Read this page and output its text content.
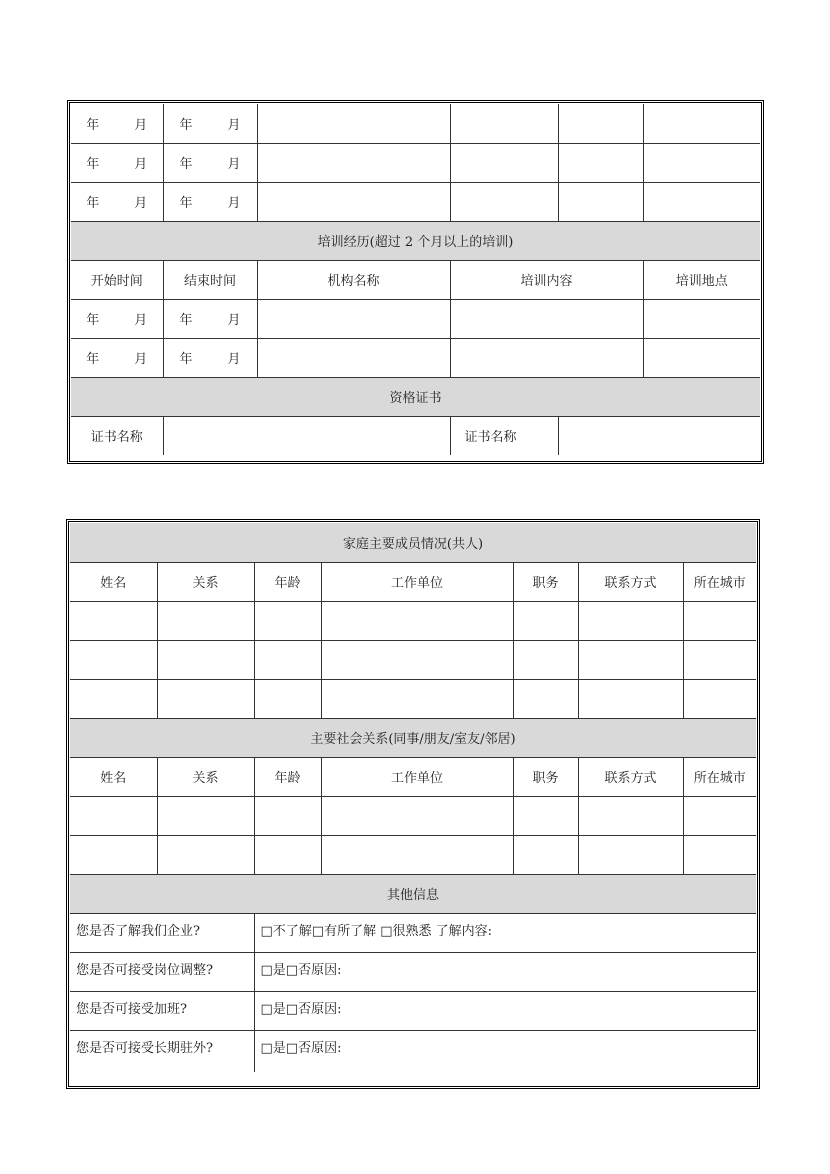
年 月	年 月				
年 月	年 月				
年 月	年 月				
培训经历(超过 2 个月以上的培训)					
开始时间	结束时间	机构名称	培训内容		培训地点
年 月	年 月				
年 月	年 月				
资格证书					
证书名称			证书名称		
家庭主要成员情况(共人)						
姓名	关系	年龄	工作单位	职务	联系方式	所在城市

主要社会关系(同事/朋友/室友/邻居)						
姓名	关系	年龄	工作单位	职务	联系方式	所在城市

其他信息						
您是否了解我们企业?		□不了解□有所了解 □很熟悉 了解内容:				
您是否可接受岗位调整?		□是□否原因:				
您是否可接受加班?		□是□否原因:				
您是否可接受长期驻外?		□是□否原因:				
